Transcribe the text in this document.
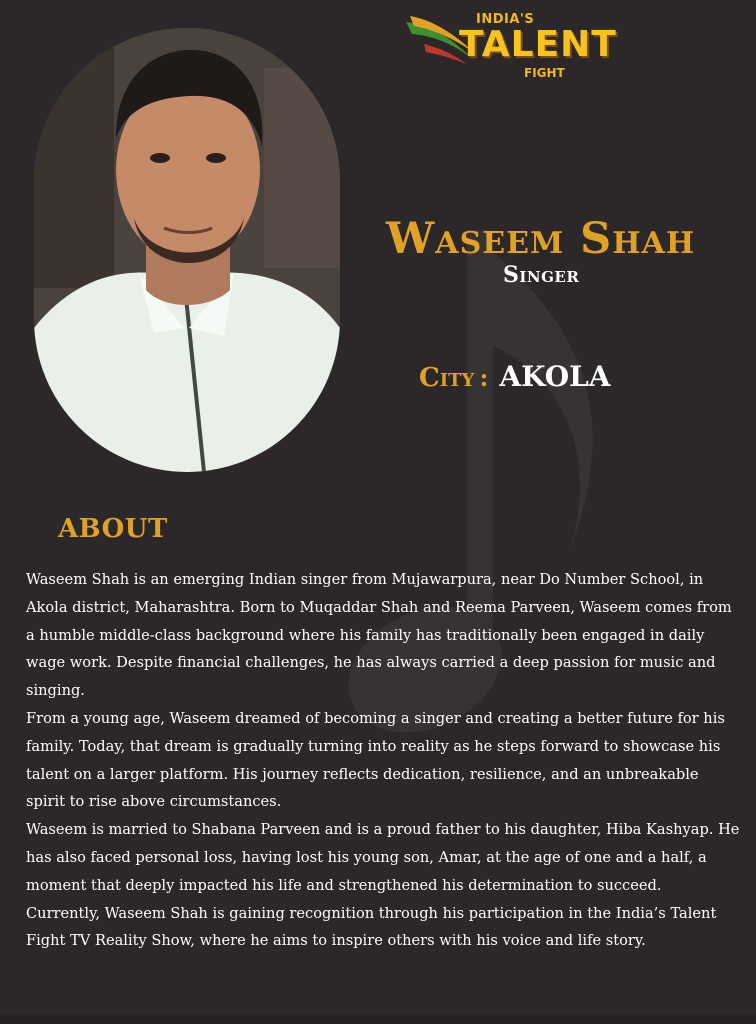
INDIA'S
TALENT
FIGHT
Waseem Shah
Singer
City : AKOLA
ABOUT

Waseem Shah is an emerging Indian singer from Mujawarpura, near Do Number School, in Akola district, Maharashtra. Born to Muqaddar Shah and Reema Parveen, Waseem comes from a humble middle-class background where his family has traditionally been engaged in daily wage work. Despite financial challenges, he has always carried a deep passion for music and singing.

From a young age, Waseem dreamed of becoming a singer and creating a better future for his family. Today, that dream is gradually turning into reality as he steps forward to showcase his talent on a larger platform. His journey reflects dedication, resilience, and an unbreakable spirit to rise above circumstances.

Waseem is married to Shabana Parveen and is a proud father to his daughter, Hiba Kashyap. He has also faced personal loss, having lost his young son, Amar, at the age of one and a half, a moment that deeply impacted his life and strengthened his determination to succeed.

Currently, Waseem Shah is gaining recognition through his participation in the India’s Talent Fight TV Reality Show, where he aims to inspire others with his voice and life story.
